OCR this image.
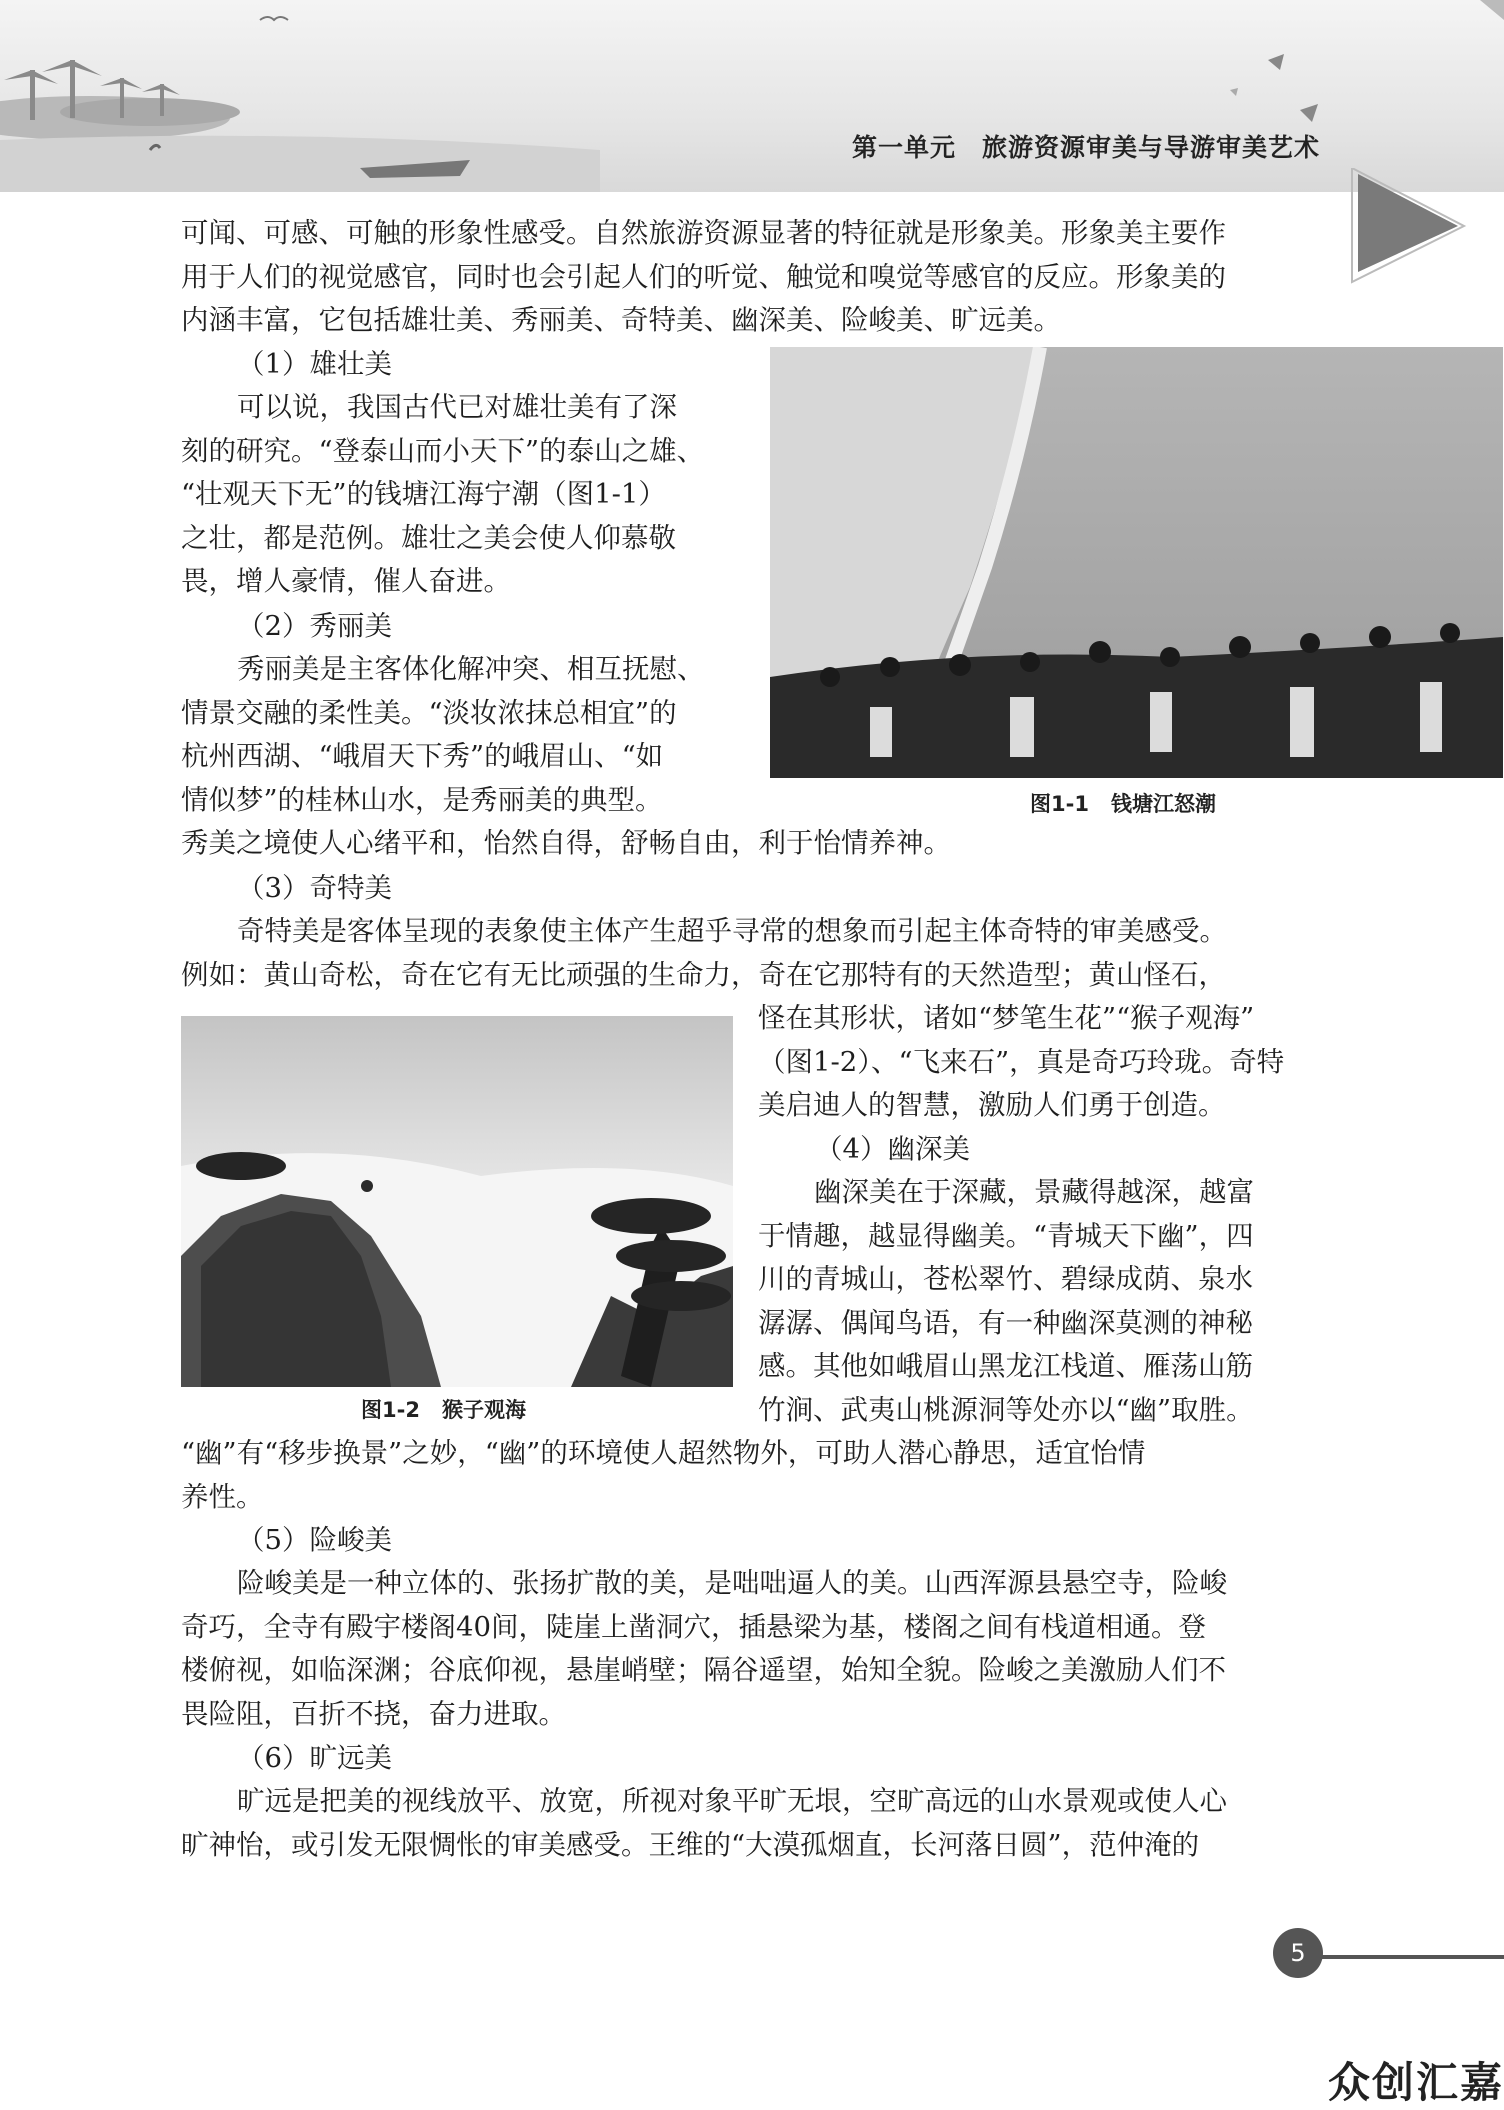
第一单元 旅游资源审美与导游审美艺术
可闻、可感、可触的形象性感受。自然旅游资源显著的特征就是形象美。形象美主要作
用于人们的视觉感官，同时也会引起人们的听觉、触觉和嗅觉等感官的反应。形象美的
内涵丰富，它包括雄壮美、秀丽美、奇特美、幽深美、险峻美、旷远美。
（1）雄壮美
可以说，我国古代已对雄壮美有了深
刻的研究。“登泰山而小天下”的泰山之雄、
“壮观天下无”的钱塘江海宁潮（图1-1）
之壮，都是范例。雄壮之美会使人仰慕敬
畏，增人豪情，催人奋进。
图1-1 钱塘江怒潮
（2）秀丽美
秀丽美是主客体化解冲突、相互抚慰、
情景交融的柔性美。“淡妆浓抹总相宜”的
杭州西湖、“峨眉天下秀”的峨眉山、“如
情似梦”的桂林山水，是秀丽美的典型。
秀美之境使人心绪平和，怡然自得，舒畅自由，利于怡情养神。
（3）奇特美
奇特美是客体呈现的表象使主体产生超乎寻常的想象而引起主体奇特的审美感受。
例如：黄山奇松，奇在它有无比顽强的生命力，奇在它那特有的天然造型；黄山怪石，
怪在其形状，诸如“梦笔生花”“猴子观海”
（图1-2）、“飞来石”，真是奇巧玲珑。奇特
美启迪人的智慧，激励人们勇于创造。
图1-2 猴子观海
（4）幽深美
幽深美在于深藏，景藏得越深，越富
于情趣，越显得幽美。“青城天下幽”，四
川的青城山，苍松翠竹、碧绿成荫、泉水
潺潺、偶闻鸟语，有一种幽深莫测的神秘
感。其他如峨眉山黑龙江栈道、雁荡山筋
竹涧、武夷山桃源洞等处亦以“幽”取胜。
“幽”有“移步换景”之妙，“幽”的环境使人超然物外，可助人潜心静思，适宜怡情
养性。
（5）险峻美
险峻美是一种立体的、张扬扩散的美，是咄咄逼人的美。山西浑源县悬空寺，险峻
奇巧，全寺有殿宇楼阁40间，陡崖上凿洞穴，插悬梁为基，楼阁之间有栈道相通。登
楼俯视，如临深渊；谷底仰视，悬崖峭壁；隔谷遥望，始知全貌。险峻之美激励人们不
畏险阻，百折不挠，奋力进取。
（6）旷远美
旷远是把美的视线放平、放宽，所视对象平旷无垠，空旷高远的山水景观或使人心
旷神怡，或引发无限惆怅的审美感受。王维的“大漠孤烟直，长河落日圆”，范仲淹的
5
众创汇嘉
